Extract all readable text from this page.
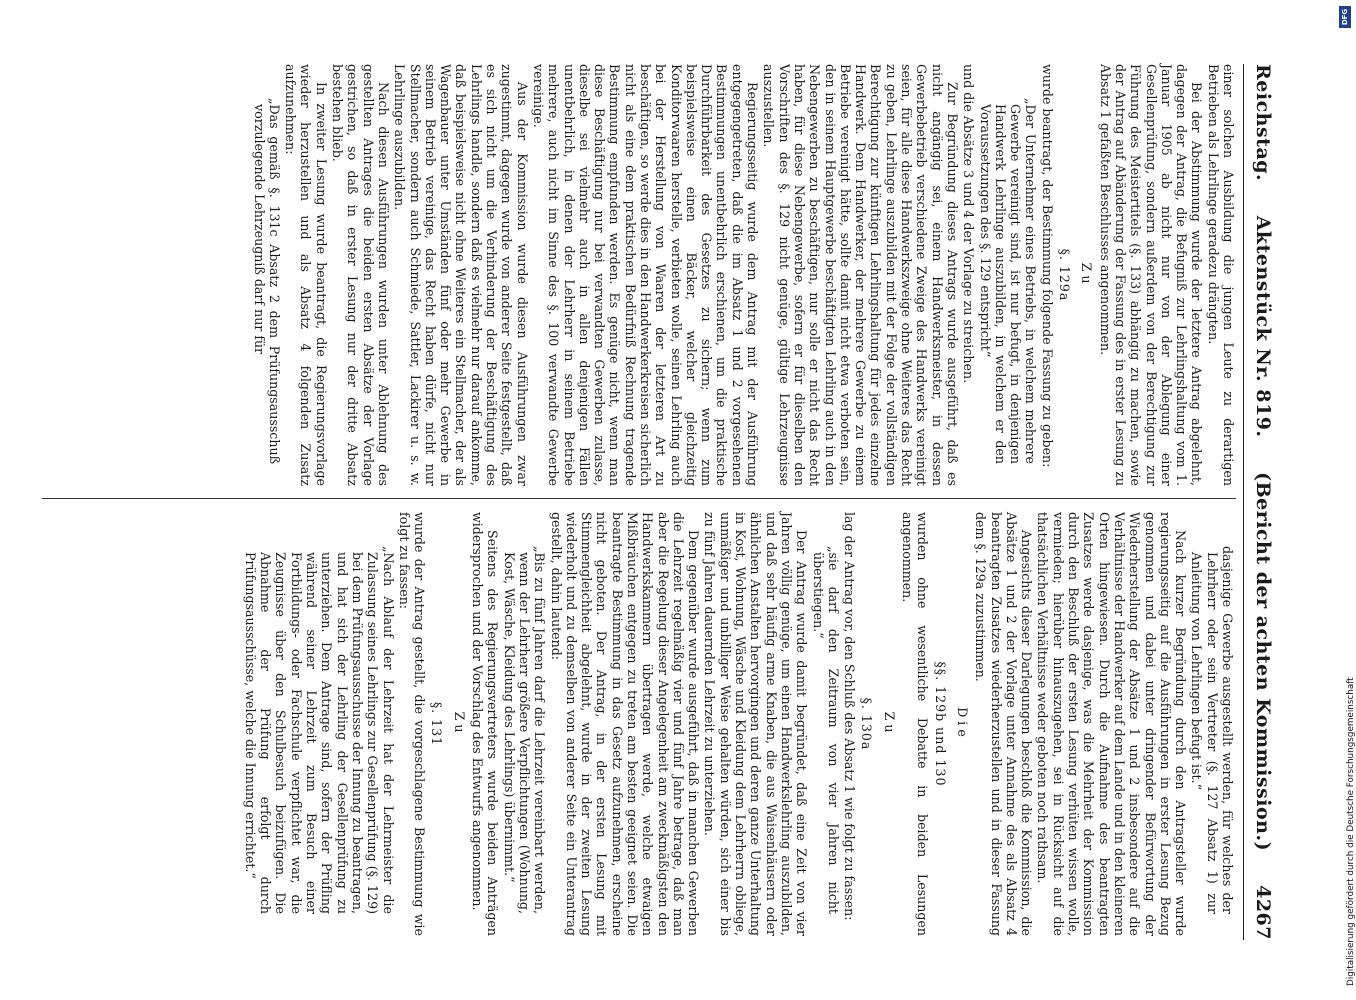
Reichstag.
Aktenstück Nr. 819.
(Bericht der achten Kommission.)
4267

einer solchen Ausbildung die jungen Leute zu derartigen Betrieben als Lehrlinge geradezu drängten.

Bei der Abstimmung wurde der letztere Antrag abgelehnt, dagegen der Antrag, die Befugniß zur Lehrlingshaltung vom 1. Januar 1905 ab nicht nur von der Ablegung einer Gesellenprüfung, sondern außerdem von der Berechtigung zur Führung des Meistertitels (§. 133) abhängig zu machen, sowie der Antrag auf Abänderung der Fassung des in erster Lesung zu Absatz 1 gefaßten Beschlusses angenommen.

Zu
§. 129a

wurde beantragt, der Bestimmung folgende Fassung zu geben:

„Der Unternehmer eines Betriebs, in welchem mehrere Gewerbe vereinigt sind, ist nur befugt, in denjenigen Handwerk Lehrlinge auszubilden, in welchem er den Voraussetzungen des §. 129 entspricht“

und die Absätze 3 und 4 der Vorlage zu streichen.

Zur Begründung dieses Antrags wurde ausgeführt, daß es nicht angängig sei, einem Handwerksmeister, in dessen Gewerbebetrieb verschiedene Zweige des Handwerks vereinigt seien, für alle diese Handwerkszweige ohne Weiteres das Recht zu geben, Lehrlinge auszubilden mit der Folge der vollständigen Berechtigung zur künftigen Lehrlingshaltung für jedes einzelne Handwerk. Dem Handwerker, der mehrere Gewerbe zu einem Betriebe vereinigt hätte, sollte damit nicht etwa verboten sein, den in seinem Hauptgewerbe beschäftigten Lehrling auch in den Nebengewerben zu beschäftigen, nur solle er nicht das Recht haben, für diese Nebengewerbe, sofern er für dieselben den Vorschriften des §. 129 nicht genüge, gültige Lehrzeugnisse auszustellen.

Regierungsseitig wurde dem Antrag mit der Ausführung entgegengetreten, daß die im Absatz 1 und 2 vorgesehenen Bestimmungen unentbehrlich erschienen, um die praktische Durchführbarkeit des Gesetzes zu sichern; wenn zum beispielsweise einen Bäcker, welcher gleichzeitig Konditorwaaren herstelle, verbieten wolle, seinen Lehrling auch bei der Herstellung von Waaren der letzteren Art zu beschäftigen, so werde dies in den Handwerkerkreisen sicherlich nicht als eine dem praktischen Bedürfniß Rechnung tragende Bestimmung empfunden werden. Es genüge nicht, wenn man diese Beschäftigung nur bei verwandten Gewerben zulasse, dieselbe sei vielmehr auch in allen denjenigen Fällen unentbehrlich, in denen der Lehrherr in seinem Betriebe mehrere, auch nicht im Sinne des §. 100 verwandte Gewerbe vereinige.

Aus der Kommission wurde diesen Ausführungen zwar zugestimmt, dagegen wurde von anderer Seite festgestellt, daß es sich nicht um die Verhinderung der Beschäftigung des Lehrlings handle, sondern daß es vielmehr nur darauf ankomme, daß beispielsweise nicht ohne Weiteres ein Stellmacher, der als Wagenbauer unter Umständen fünf oder mehr Gewerbe in seinem Betrieb vereinige, das Recht haben dürfe, nicht nur Stellmacher, sondern auch Schmiede, Sattler, Lackirer u. s. w. Lehrlinge auszubilden.

Nach diesen Ausführungen wurden unter Ablehnung des gestellten Antrages die beiden ersten Absätze der Vorlage gestrichen, so daß in erster Lesung nur der dritte Absatz bestehen blieb.

In zweiter Lesung wurde beantragt, die Regierungsvorlage wieder herzustellen und als Absatz 4 folgenden Zusatz aufzunehmen:

„Das gemäß §. 131c Absatz 2 dem Prüfungsausschuß vorzulegende Lehrzeugniß darf nur für

dasjenige Gewerbe ausgestellt werden, für welches der Lehrherr oder sein Vertreter (§. 127 Absatz 1) zur Anleitung von Lehrlingen befugt ist.“

Nach kurzer Begründung durch den Antragsteller wurde regierungsseitig auf die Ausführungen in erster Lesung Bezug genommen und dabei unter dringender Befürwortung der Wiederherstellung der Absätze 1 und 2 insbesondere auf die Verhältnisse der Handwerker auf dem Lande und in den kleineren Orten hingewiesen. Durch die Aufnahme des beantragten Zusatzes werde dasjenige, was die Mehrheit der Kommission durch den Beschluß der ersten Lesung verhüten wissen wolle, vermieden; hierüber hinauszugehen, sei in Rücksicht auf die thatsächlichen Verhältnisse weder geboten noch rathsam.

Angesichts dieser Darlegungen beschloß die Kommission, die Absätze 1 und 2 der Vorlage unter Annahme des als Absatz 4 beantragten Zusatzes wiederherzustellen und in dieser Fassung dem §. 129a zuzustimmen.

Die
§§. 129b und 130

wurden ohne wesentliche Debatte in beiden Lesungen angenommen.

Zu
§. 130a

lag der Antrag vor, den Schluß des Absatz 1 wie folgt zu fassen:

„sie darf den Zeitraum von vier Jahren nicht überstiegen.“

Der Antrag wurde damit begründet, daß eine Zeit von vier Jahren völlig genüge, um einen Handwerkslehrling auszubilden, und daß sehr häufig arme Knaben, die aus Waisenhäusern oder ähnlichen Anstalten hervorgingen und deren ganze Unterhaltung in Kost, Wohnung, Wäsche und Kleidung dem Lehrherrn obliege, unmäßiger und unbilliger Weise gehalten würden, sich einer bis zu fünf Jahren dauernden Lehrzeit zu unterziehen.

Dem gegenüber wurde ausgeführt, daß in manchen Gewerben die Lehrzeit regelmäßig vier und fünf Jahre betrage, daß man aber die Regelung dieser Angelegenheit am zweckmäßigsten den Handwerkskammern übertragen werde, welche etwaigen Mißbräuchen entgegen zu treten am besten geeignet seien. Die beantragte Bestimmung in das Gesetz aufzunehmen, erscheine nicht geboten. Der Antrag, in der ersten Lesung mit Stimmengleichheit abgelehnt, wurde in der zweiten Lesung wiederholt und zu demselben von anderer Seite ein Unterantrag gestellt, dahin lautend:

„Bis zu fünf Jahren darf die Lehrzeit vereinbart werden, wenn der Lehrherr größere Verpflichtungen (Wohnung, Kost, Wäsche, Kleidung des Lehrlings) übernimmt.“

Seitens des Regierungsvertreters wurde beiden Anträgen widersprochen und der Vorschlag des Entwurfs angenommen.

Zu
§. 131

wurde der Antrag gestellt, die vorgeschlagene Bestimmung wie folgt zu fassen:

„Nach Ablauf der Lehrzeit hat der Lehrmeister die Zulassung seines Lehrlings zur Gesellenprüfung (§. 129) bei dem Prüfungsausschusse der Innung zu beantragen, und hat sich der Lehrling der Gesellenprüfung zu unterziehen. Dem Antrage sind, sofern der Prüfling während seiner Lehrzeit zum Besuch einer Fortbildungs- oder Fachschule verpflichtet war, die Zeugnisse über den Schulbesuch beizufügen. Die Abnahme der Prüfung erfolgt durch Prüfungsausschüsse, welche die Innung errichtet.“

DFG
Digitalisierung gefördert durch die Deutsche Forschungsgemeinschaft
